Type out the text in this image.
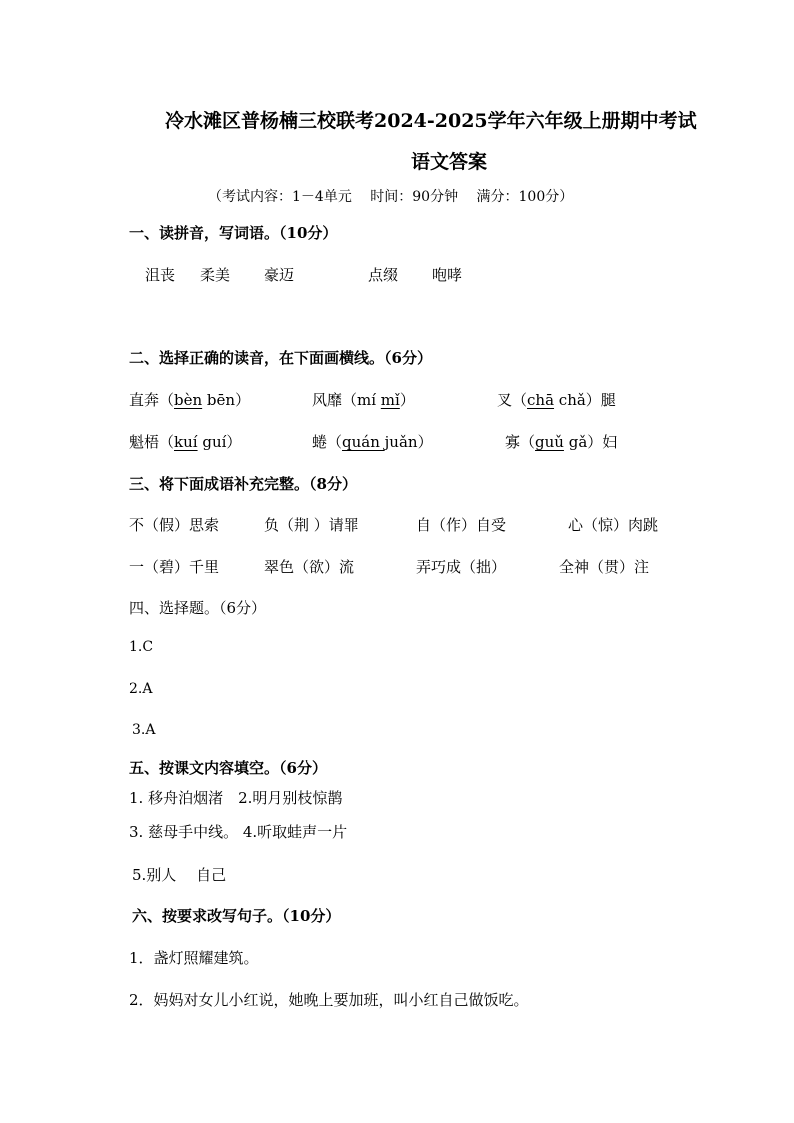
冷水滩区普杨楠三校联考2024-2025学年六年级上册期中考试
语文答案
（考试内容：1－4单元　 时间：90分钟　 满分：100分）
一、读拼音，写词语。（10分）
沮丧 柔美 豪迈	点缀 咆哮
二、选择正确的读音，在下面画横线。（6分）
直奔（bèn bēn）	风靡（mí mǐ）	叉（chā chǎ）腿
魁梧（kuí guí）	蜷（quán juǎn）	寡（guǔ gǎ）妇
三、将下面成语补充完整。（8分）
不（假）思索	负（荆 ）请罪	自（作）自受	心（惊）肉跳
一（碧）千里	翠色（欲）流	弄巧成（拙）	全神（贯）注
四、选择题。（6分）
1.C
2.A
3.A
五、按课文内容填空。（6分）
1. 移舟泊烟渚　2.明月别枝惊鹊
3. 慈母手中线。 4.听取蛙声一片
5.别人　 自己
六、按要求改写句子。（10分）
1．盏灯照耀建筑。
2．妈妈对女儿小红说，她晚上要加班，叫小红自己做饭吃。
